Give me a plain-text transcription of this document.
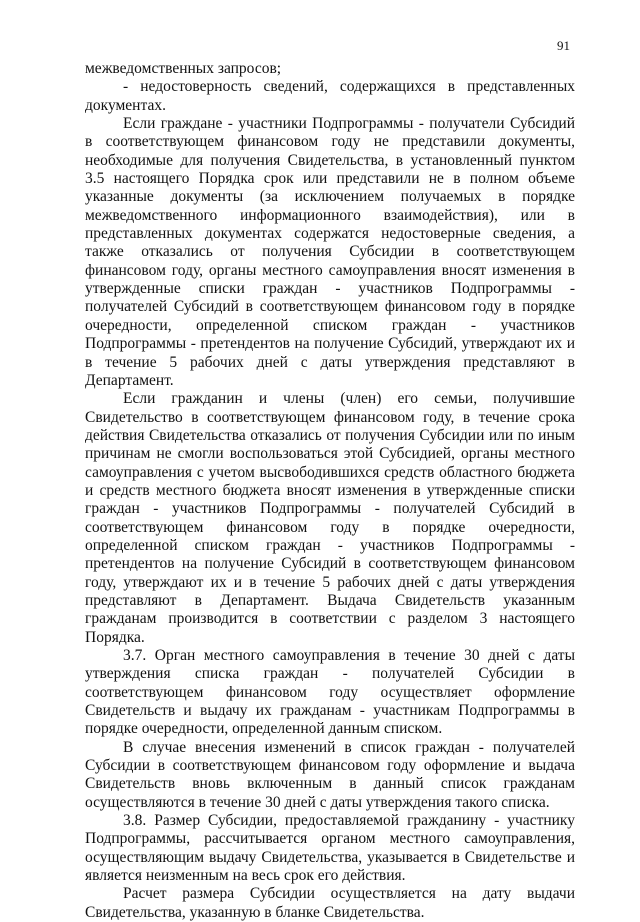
91

межведомственных запросов;

- недостоверность сведений, содержащихся в представленных документах.

Если граждане - участники Подпрограммы - получатели Субсидий в соответствующем финансовом году не представили документы, необходимые для получения Свидетельства, в установленный пунктом 3.5 настоящего Порядка срок или представили не в полном объеме указанные документы (за исключением получаемых в порядке межведомственного информационного взаимодействия), или в представленных документах содержатся недостоверные сведения, а также отказались от получения Субсидии в соответствующем финансовом году, органы местного самоуправления вносят изменения в утвержденные списки граждан - участников Подпрограммы - получателей Субсидий в соответствующем финансовом году в порядке очередности, определенной списком граждан - участников Подпрограммы - претендентов на получение Субсидий, утверждают их и в течение 5 рабочих дней с даты утверждения представляют в Департамент.

Если гражданин и члены (член) его семьи, получившие Свидетельство в соответствующем финансовом году, в течение срока действия Свидетельства отказались от получения Субсидии или по иным причинам не смогли воспользоваться этой Субсидией, органы местного самоуправления с учетом высвободившихся средств областного бюджета и средств местного бюджета вносят изменения в утвержденные списки граждан - участников Подпрограммы - получателей Субсидий в соответствующем финансовом году в порядке очередности, определенной списком граждан - участников Подпрограммы - претендентов на получение Субсидий в соответствующем финансовом году, утверждают их и в течение 5 рабочих дней с даты утверждения представляют в Департамент. Выдача Свидетельств указанным гражданам производится в соответствии с разделом 3 настоящего Порядка.

3.7. Орган местного самоуправления в течение 30 дней с даты утверждения списка граждан - получателей Субсидии в соответствующем финансовом году осуществляет оформление Свидетельств и выдачу их гражданам - участникам Подпрограммы в порядке очередности, определенной данным списком.

В случае внесения изменений в список граждан - получателей Субсидии в соответствующем финансовом году оформление и выдача Свидетельств вновь включенным в данный список гражданам осуществляются в течение 30 дней с даты утверждения такого списка.

3.8. Размер Субсидии, предоставляемой гражданину - участнику Подпрограммы, рассчитывается органом местного самоуправления, осуществляющим выдачу Свидетельства, указывается в Свидетельстве и является неизменным на весь срок его действия.

Расчет размера Субсидии осуществляется на дату выдачи Свидетельства, указанную в бланке Свидетельства.
